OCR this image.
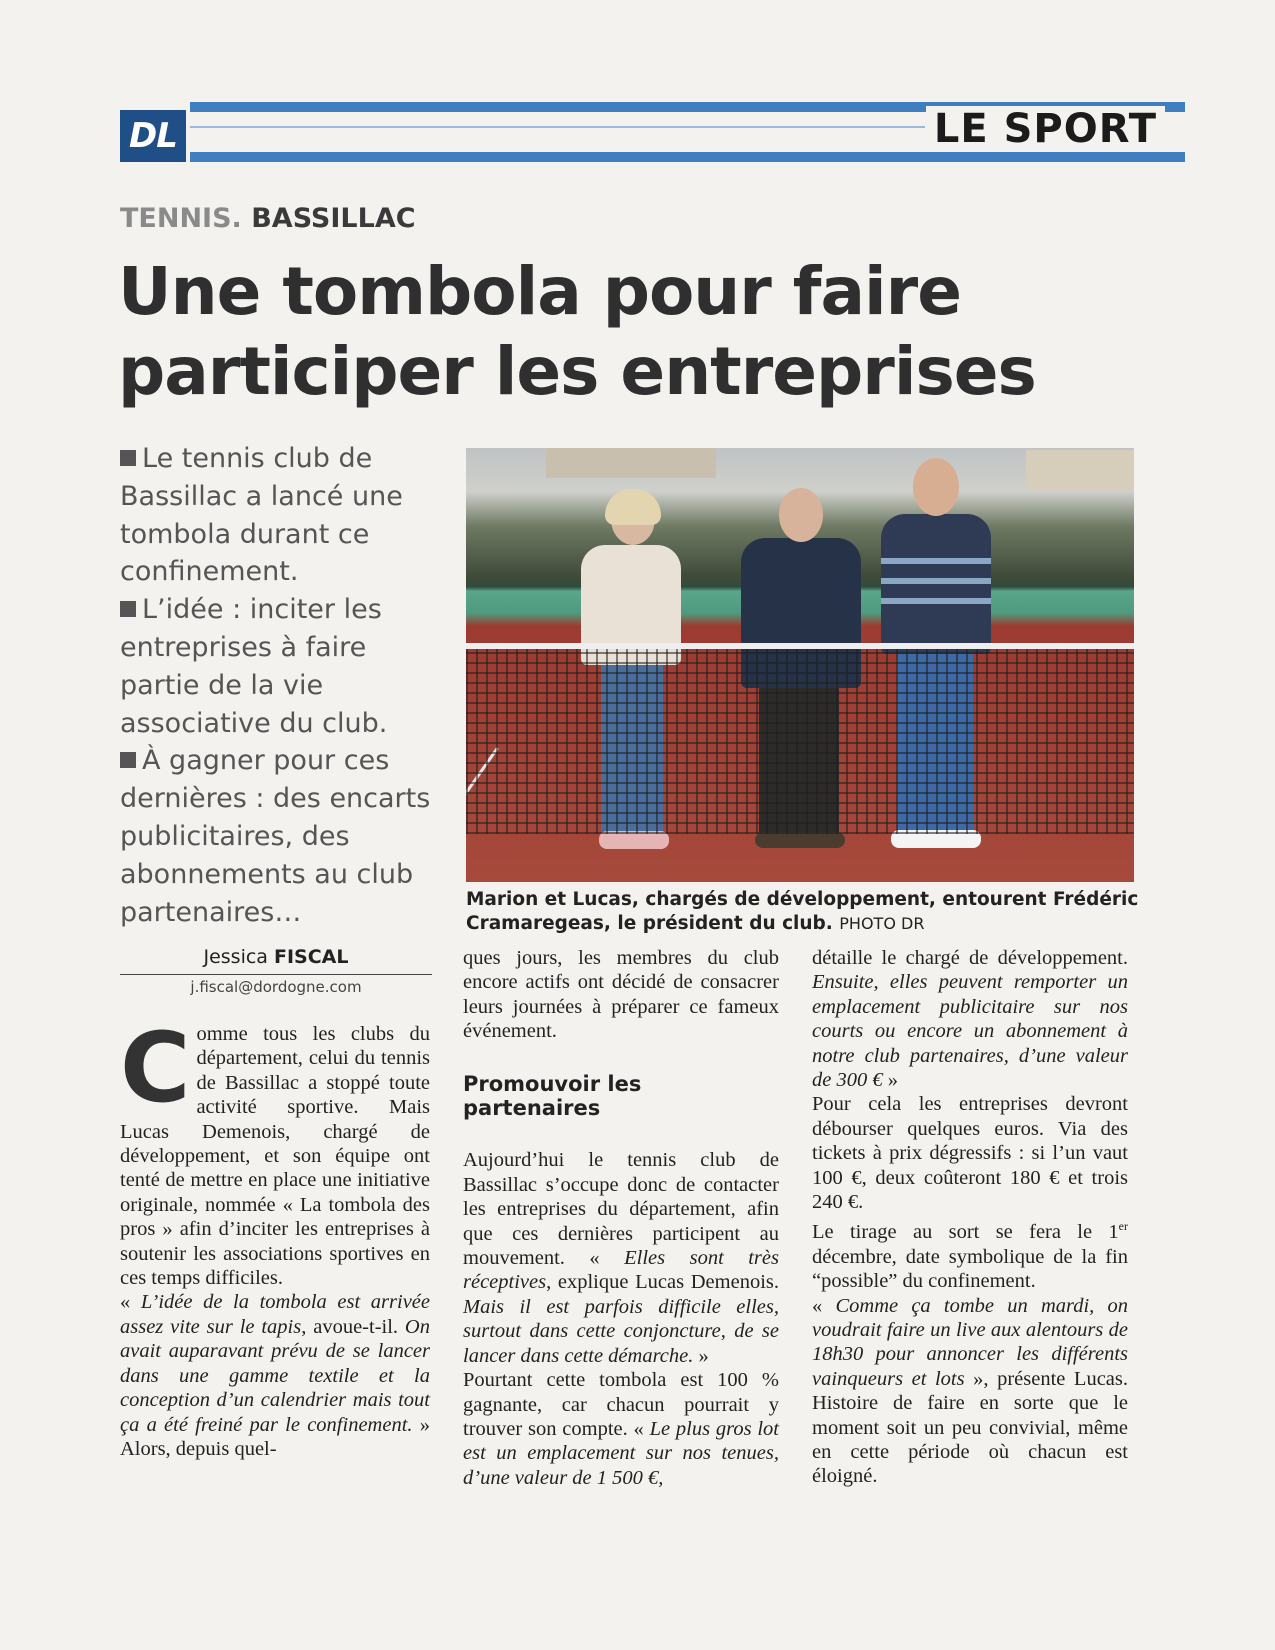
DL	LE SPORT
TENNIS. BASSILLAC
Une tombola pour faire participer les entreprises

Le tennis club de Bassillac a lancé une tombola durant ce confinement.

L’idée : inciter les entreprises à faire partie de la vie associative du club.

À gagner pour ces dernières : des encarts publicitaires, des abonnements au club partenaires…

Jessica FISCAL
j.fiscal@dordogne.com

Marion et Lucas, chargés de développement, entourent Frédéric Cramaregeas, le président du club. PHOTO DR

Comme tous les clubs du département, celui du tennis de Bassillac a stoppé toute activité sportive. Mais Lucas Demenois, chargé de développement, et son équipe ont tenté de mettre en place une initiative originale, nommée « La tombola des pros » afin d’inciter les entreprises à soutenir les associations sportives en ces temps difficiles.

« L’idée de la tombola est arrivée assez vite sur le tapis, avoue-t-il. On avait auparavant prévu de se lancer dans une gamme textile et la conception d’un calendrier mais tout ça a été freiné par le confinement. » Alors, depuis quel-

ques jours, les membres du club encore actifs ont décidé de consacrer leurs journées à préparer ce fameux événement.

Promouvoir les partenaires

Aujourd’hui le tennis club de Bassillac s’occupe donc de contacter les entreprises du département, afin que ces dernières participent au mouvement. « Elles sont très réceptives, explique Lucas Demenois. Mais il est parfois difficile elles, surtout dans cette conjoncture, de se lancer dans cette démarche. »

Pourtant cette tombola est 100 % gagnante, car chacun pourrait y trouver son compte. « Le plus gros lot est un emplacement sur nos tenues, d’une valeur de 1 500 €,

détaille le chargé de développement. Ensuite, elles peuvent remporter un emplacement publicitaire sur nos courts ou encore un abonnement à notre club partenaires, d’une valeur de 300 € »

Pour cela les entreprises devront débourser quelques euros. Via des tickets à prix dégressifs : si l’un vaut 100 €, deux coûteront 180 € et trois 240 €.

Le tirage au sort se fera le 1er décembre, date symbolique de la fin “possible” du confinement.

« Comme ça tombe un mardi, on voudrait faire un live aux alentours de 18h30 pour annoncer les différents vainqueurs et lots », présente Lucas. Histoire de faire en sorte que le moment soit un peu convivial, même en cette période où chacun est éloigné.
